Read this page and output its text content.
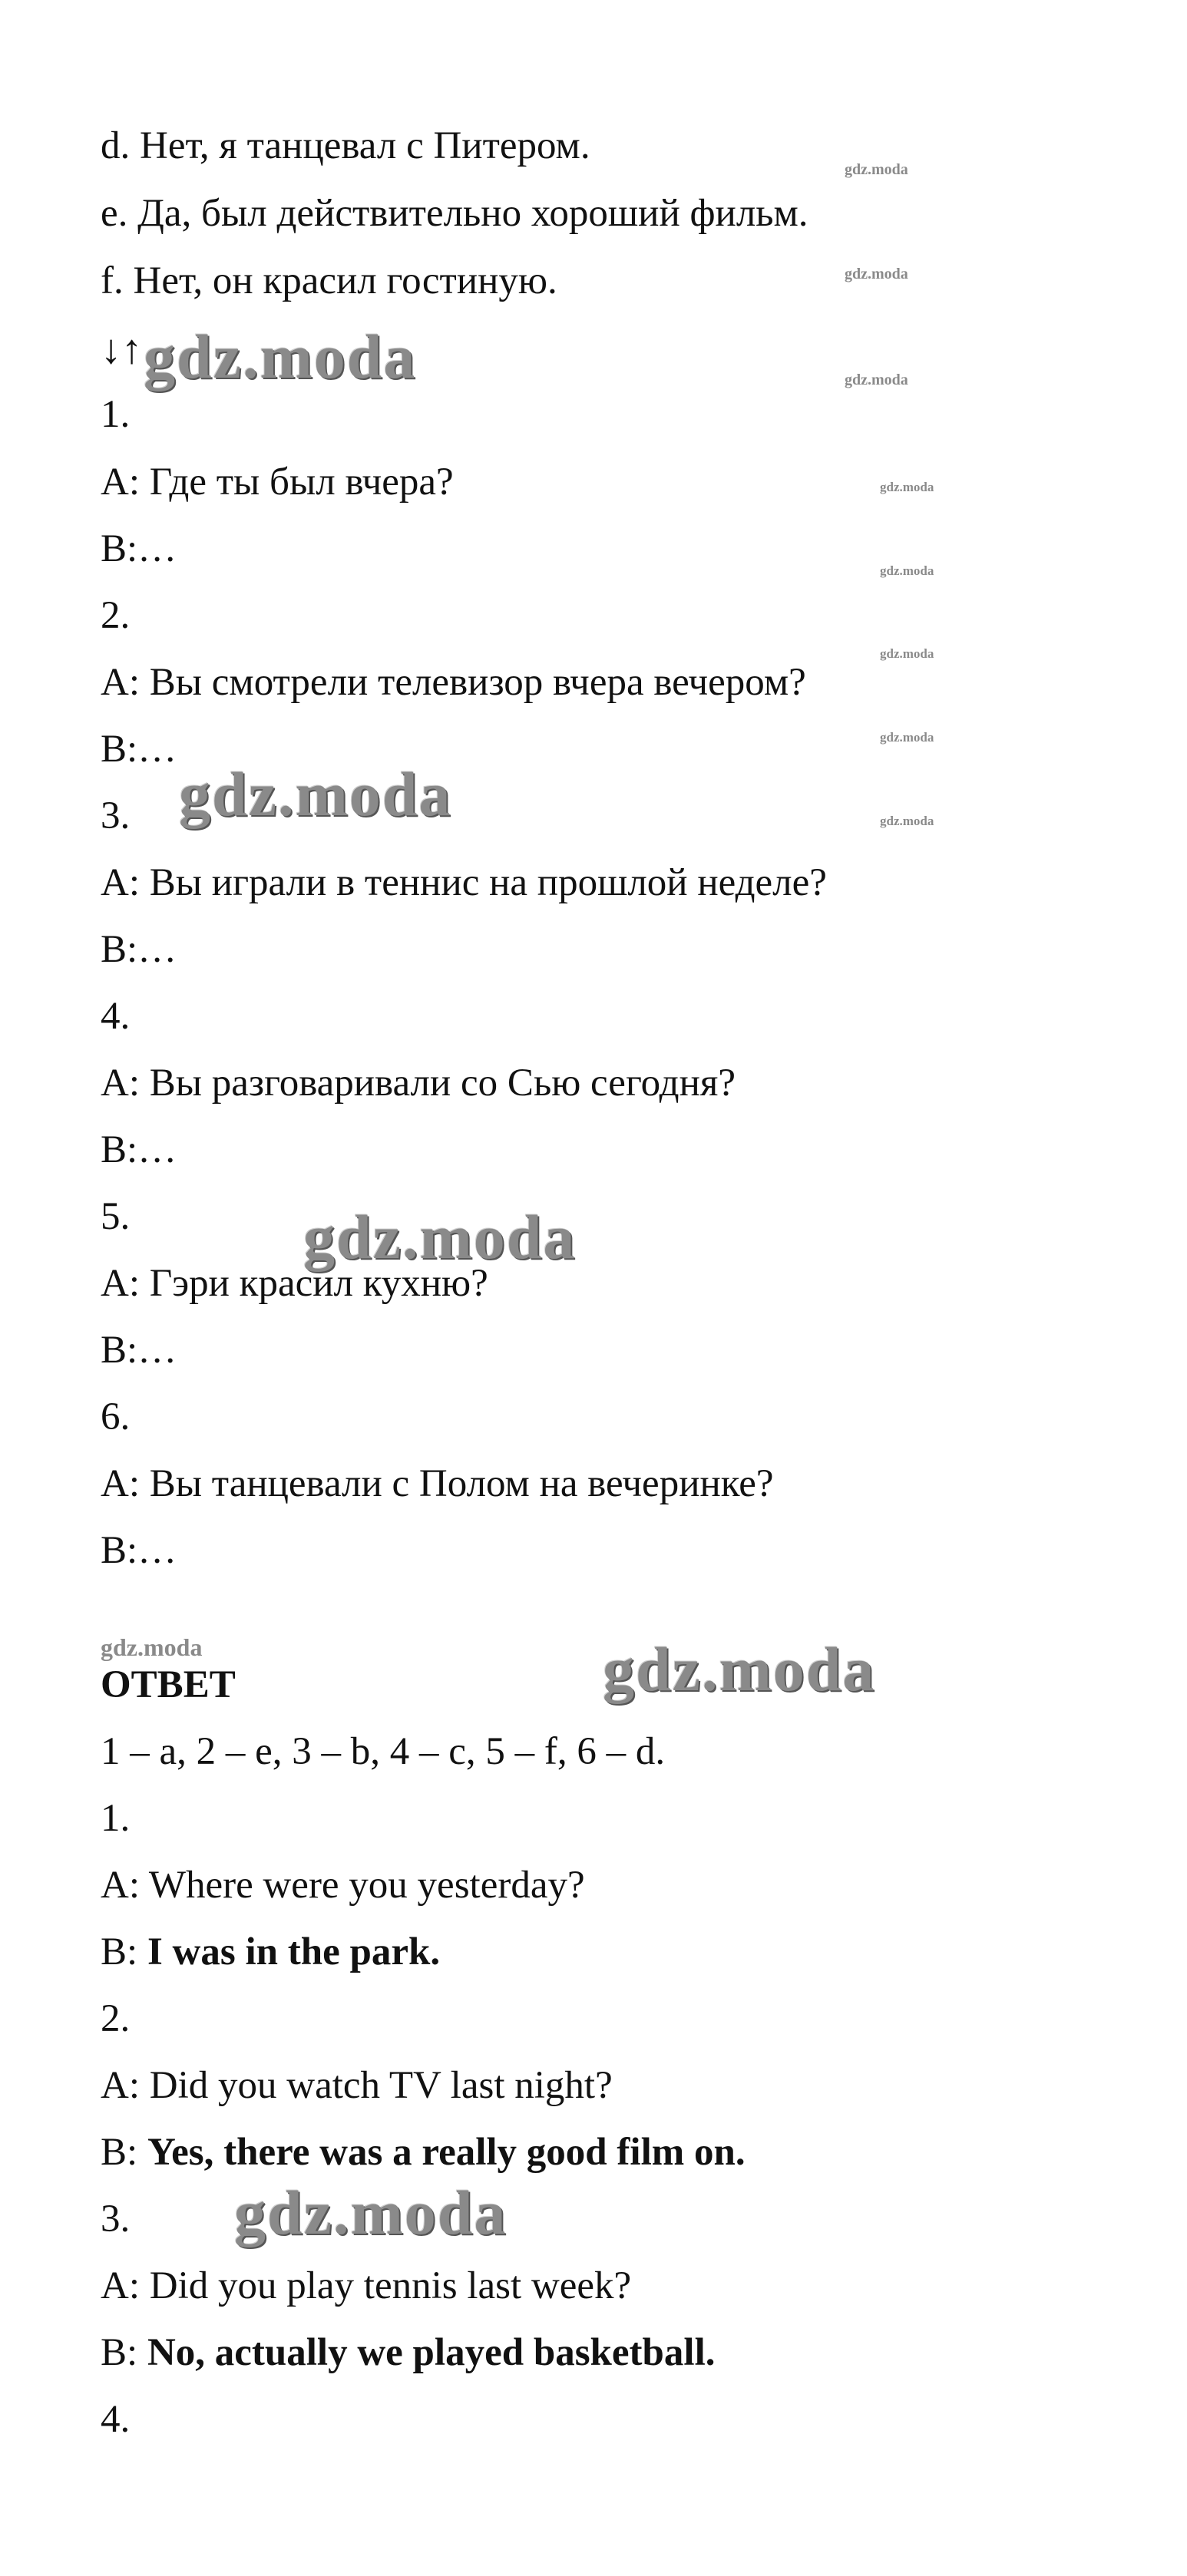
d. Нет, я танцевал с Питером.
e. Да, был действительно хороший фильм.
f. Нет, он красил гостиную.
↓↑
1.
A: Где ты был вчера?
B:…
2.
A: Вы смотрели телевизор вчера вечером?
B:…
3.
A: Вы играли в теннис на прошлой неделе?
B:…
4.
A: Вы разговаривали со Сью сегодня?
B:…
5.
A: Гэри красил кухню?
B:…
6.
A: Вы танцевали с Полом на вечеринке?
B:…
ОТВЕТ
1 – a, 2 – e, 3 – b, 4 – c, 5 – f, 6 – d.
1.
A: Where were you yesterday?
B: I was in the park.
2.
A: Did you watch TV last night?
B: Yes, there was a really good film on.
3.
A: Did you play tennis last week?
B: No, actually we played basketball.
4.
gdz.moda
gdz.moda
gdz.moda
gdz.moda
gdz.moda
gdz.moda
gdz.moda
gdz.moda
gdz.moda
gdz.moda
gdz.moda
gdz.moda
gdz.moda
gdz.moda
